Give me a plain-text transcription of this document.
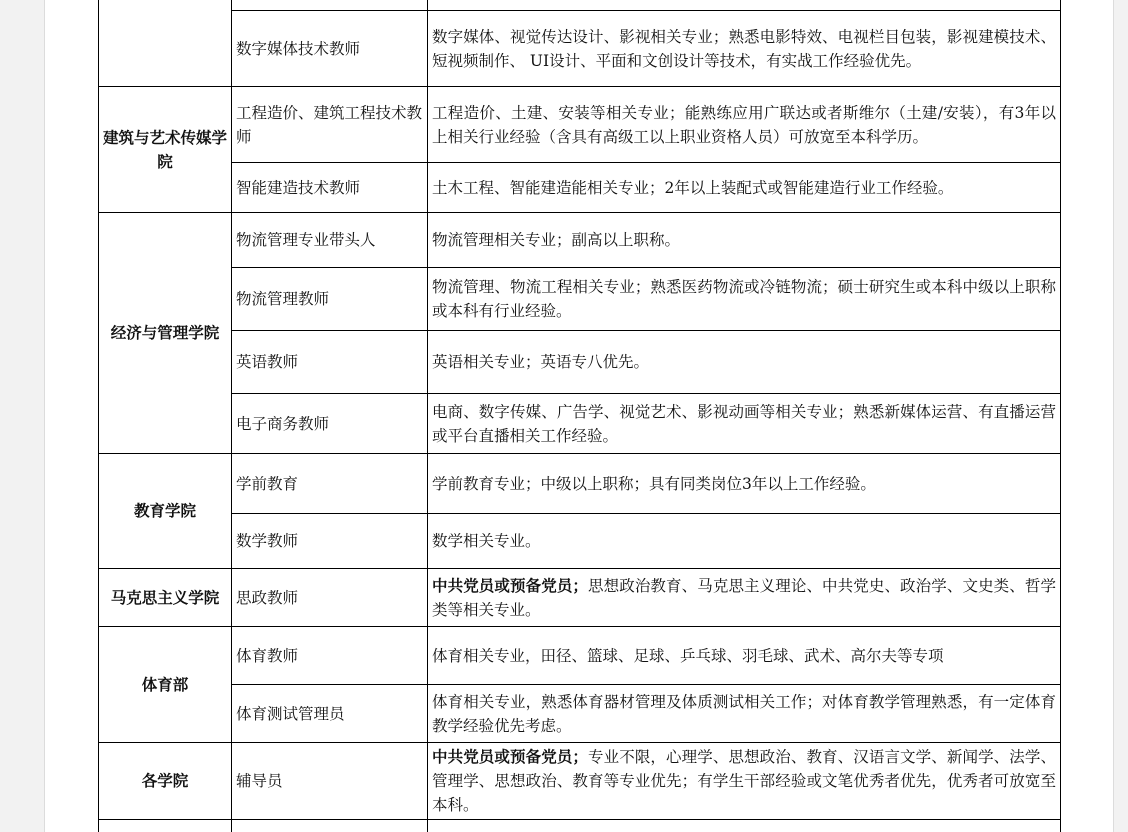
	数字媒体技术教师	数字媒体、视觉传达设计、影视相关专业；熟悉电影特效、电视栏目包装，影视建模技术、短视频制作、 UI设计、平面和文创设计等技术，有实战工作经验优先。
建筑与艺术传媒学院	工程造价、建筑工程技术教师	工程造价、土建、安装等相关专业；能熟练应用广联达或者斯维尔（土建/安装），有3年以上相关行业经验（含具有高级工以上职业资格人员）可放宽至本科学历。
	智能建造技术教师	土木工程、智能建造能相关专业；2年以上装配式或智能建造行业工作经验。
经济与管理学院	物流管理专业带头人	物流管理相关专业；副高以上职称。
	物流管理教师	物流管理、物流工程相关专业；熟悉医药物流或冷链物流；硕士研究生或本科中级以上职称或本科有行业经验。
	英语教师	英语相关专业；英语专八优先。
	电子商务教师	电商、数字传媒、广告学、视觉艺术、影视动画等相关专业；熟悉新媒体运营、有直播运营或平台直播相关工作经验。
教育学院	学前教育	学前教育专业；中级以上职称；具有同类岗位3年以上工作经验。
	数学教师	数学相关专业。
马克思主义学院	思政教师	中共党员或预备党员；思想政治教育、马克思主义理论、中共党史、政治学、文史类、哲学类等相关专业。
体育部	体育教师	体育相关专业，田径、篮球、足球、乒乓球、羽毛球、武术、高尔夫等专项
	体育测试管理员	体育相关专业，熟悉体育器材管理及体质测试相关工作；对体育教学管理熟悉，有一定体育教学经验优先考虑。
各学院	辅导员	中共党员或预备党员；专业不限，心理学、思想政治、教育、汉语言文学、新闻学、法学、管理学、思想政治、教育等专业优先；有学生干部经验或文笔优秀者优先，优秀者可放宽至本科。
